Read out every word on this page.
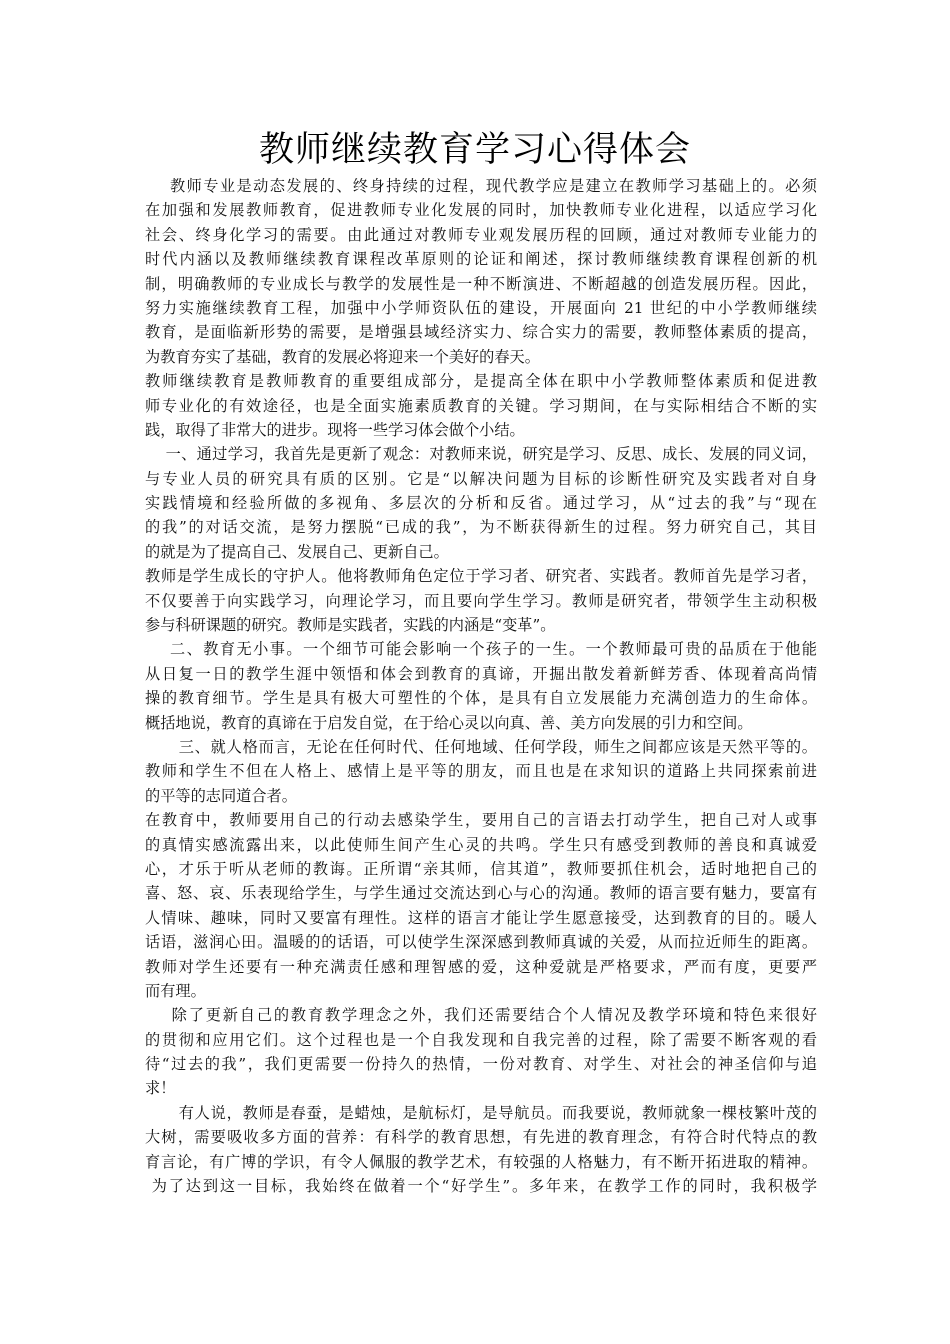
教师继续教育学习心得体会
教师专业是动态发展的、终身持续的过程，现代教学应是建立在教师学习基础上的。必须
在加强和发展教师教育，促进教师专业化发展的同时，加快教师专业化进程，以适应学习化
社会、终身化学习的需要。由此通过对教师专业观发展历程的回顾，通过对教师专业能力的
时代内涵以及教师继续教育课程改革原则的论证和阐述，探讨教师继续教育课程创新的机
制，明确教师的专业成长与教学的发展性是一种不断演进、不断超越的创造发展历程。因此，
努力实施继续教育工程，加强中小学师资队伍的建设，开展面向 21 世纪的中小学教师继续
教育，是面临新形势的需要，是增强县域经济实力、综合实力的需要，教师整体素质的提高，
为教育夯实了基础，教育的发展必将迎来一个美好的春天。
教师继续教育是教师教育的重要组成部分，是提高全体在职中小学教师整体素质和促进教
师专业化的有效途径，也是全面实施素质教育的关键。学习期间，在与实际相结合不断的实
践，取得了非常大的进步。现将一些学习体会做个小结。
一、通过学习，我首先是更新了观念：对教师来说，研究是学习、反思、成长、发展的同义词，
与专业人员的研究具有质的区别。它是“以解决问题为目标的诊断性研究及实践者对自身
实践情境和经验所做的多视角、多层次的分析和反省。通过学习，从“过去的我”与“现在
的我”的对话交流，是努力摆脱“已成的我”，为不断获得新生的过程。努力研究自己，其目
的就是为了提高自己、发展自己、更新自己。
教师是学生成长的守护人。他将教师角色定位于学习者、研究者、实践者。教师首先是学习者，
不仅要善于向实践学习，向理论学习，而且要向学生学习。教师是研究者，带领学生主动积极
参与科研课题的研究。教师是实践者，实践的内涵是“变革”。
二、教育无小事。一个细节可能会影响一个孩子的一生。一个教师最可贵的品质在于他能
从日复一日的教学生涯中领悟和体会到教育的真谛，开掘出散发着新鲜芳香、体现着高尚情
操的教育细节。学生是具有极大可塑性的个体，是具有自立发展能力充满创造力的生命体。
概括地说，教育的真谛在于启发自觉，在于给心灵以向真、善、美方向发展的引力和空间。
三、就人格而言，无论在任何时代、任何地域、任何学段，师生之间都应该是天然平等的。
教师和学生不但在人格上、感情上是平等的朋友，而且也是在求知识的道路上共同探索前进
的平等的志同道合者。
在教育中，教师要用自己的行动去感染学生，要用自己的言语去打动学生，把自己对人或事
的真情实感流露出来，以此使师生间产生心灵的共鸣。学生只有感受到教师的善良和真诚爱
心，才乐于听从老师的教诲。正所谓“亲其师，信其道”，教师要抓住机会，适时地把自己的
喜、怒、哀、乐表现给学生，与学生通过交流达到心与心的沟通。教师的语言要有魅力，要富有
人情味、趣味，同时又要富有理性。这样的语言才能让学生愿意接受，达到教育的目的。暖人
话语，滋润心田。温暖的的话语，可以使学生深深感到教师真诚的关爱，从而拉近师生的距离。
教师对学生还要有一种充满责任感和理智感的爱，这种爱就是严格要求，严而有度，更要严
而有理。
除了更新自己的教育教学理念之外，我们还需要结合个人情况及教学环境和特色来很好
的贯彻和应用它们。这个过程也是一个自我发现和自我完善的过程，除了需要不断客观的看
待“过去的我”，我们更需要一份持久的热情，一份对教育、对学生、对社会的神圣信仰与追
求！
有人说，教师是春蚕，是蜡烛，是航标灯，是导航员。而我要说，教师就象一棵枝繁叶茂的
大树，需要吸收多方面的营养：有科学的教育思想，有先进的教育理念，有符合时代特点的教
育言论，有广博的学识，有令人佩服的教学艺术，有较强的人格魅力，有不断开拓进取的精神。
为了达到这一目标，我始终在做着一个“好学生”。多年来，在教学工作的同时，我积极学
